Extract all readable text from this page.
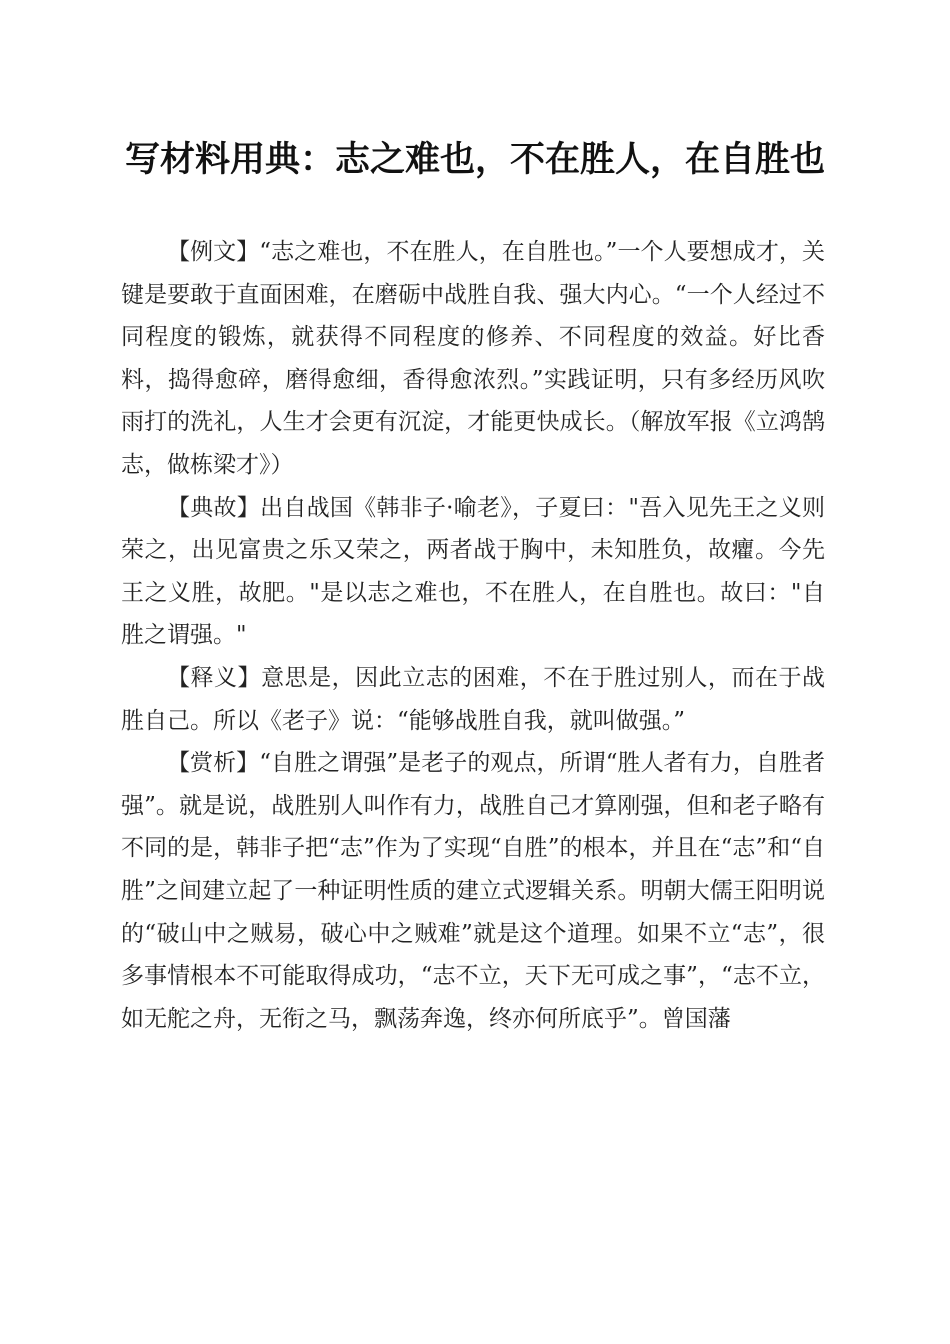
写材料用典：志之难也，不在胜人，在自胜也

【例文】“志之难也，不在胜人，在自胜也。”一个人要想成才，关键是要敢于直面困难，在磨砺中战胜自我、强大内心。“一个人经过不同程度的锻炼，就获得不同程度的修养、不同程度的效益。好比香料，捣得愈碎，磨得愈细，香得愈浓烈。”实践证明，只有多经历风吹雨打的洗礼，人生才会更有沉淀，才能更快成长。（解放军报《立鸿鹄志，做栋梁才》）

【典故】出自战国《韩非子·喻老》，子夏曰："吾入见先王之义则荣之，出见富贵之乐又荣之，两者战于胸中，未知胜负，故癯。今先王之义胜，故肥。"是以志之难也，不在胜人，在自胜也。故曰："自胜之谓强。"

【释义】意思是，因此立志的困难，不在于胜过别人，而在于战胜自己。所以《老子》说：“能够战胜自我，就叫做强。”

【赏析】“自胜之谓强”是老子的观点，所谓“胜人者有力，自胜者强”。就是说，战胜别人叫作有力，战胜自己才算刚强，但和老子略有不同的是，韩非子把“志”作为了实现“自胜”的根本，并且在“志”和“自胜”之间建立起了一种证明性质的建立式逻辑关系。明朝大儒王阳明说的“破山中之贼易，破心中之贼难”就是这个道理。如果不立“志”，很多事情根本不可能取得成功，“志不立，天下无可成之事”，“志不立，如无舵之舟，无衔之马，飘荡奔逸，终亦何所底乎”。曾国藩
